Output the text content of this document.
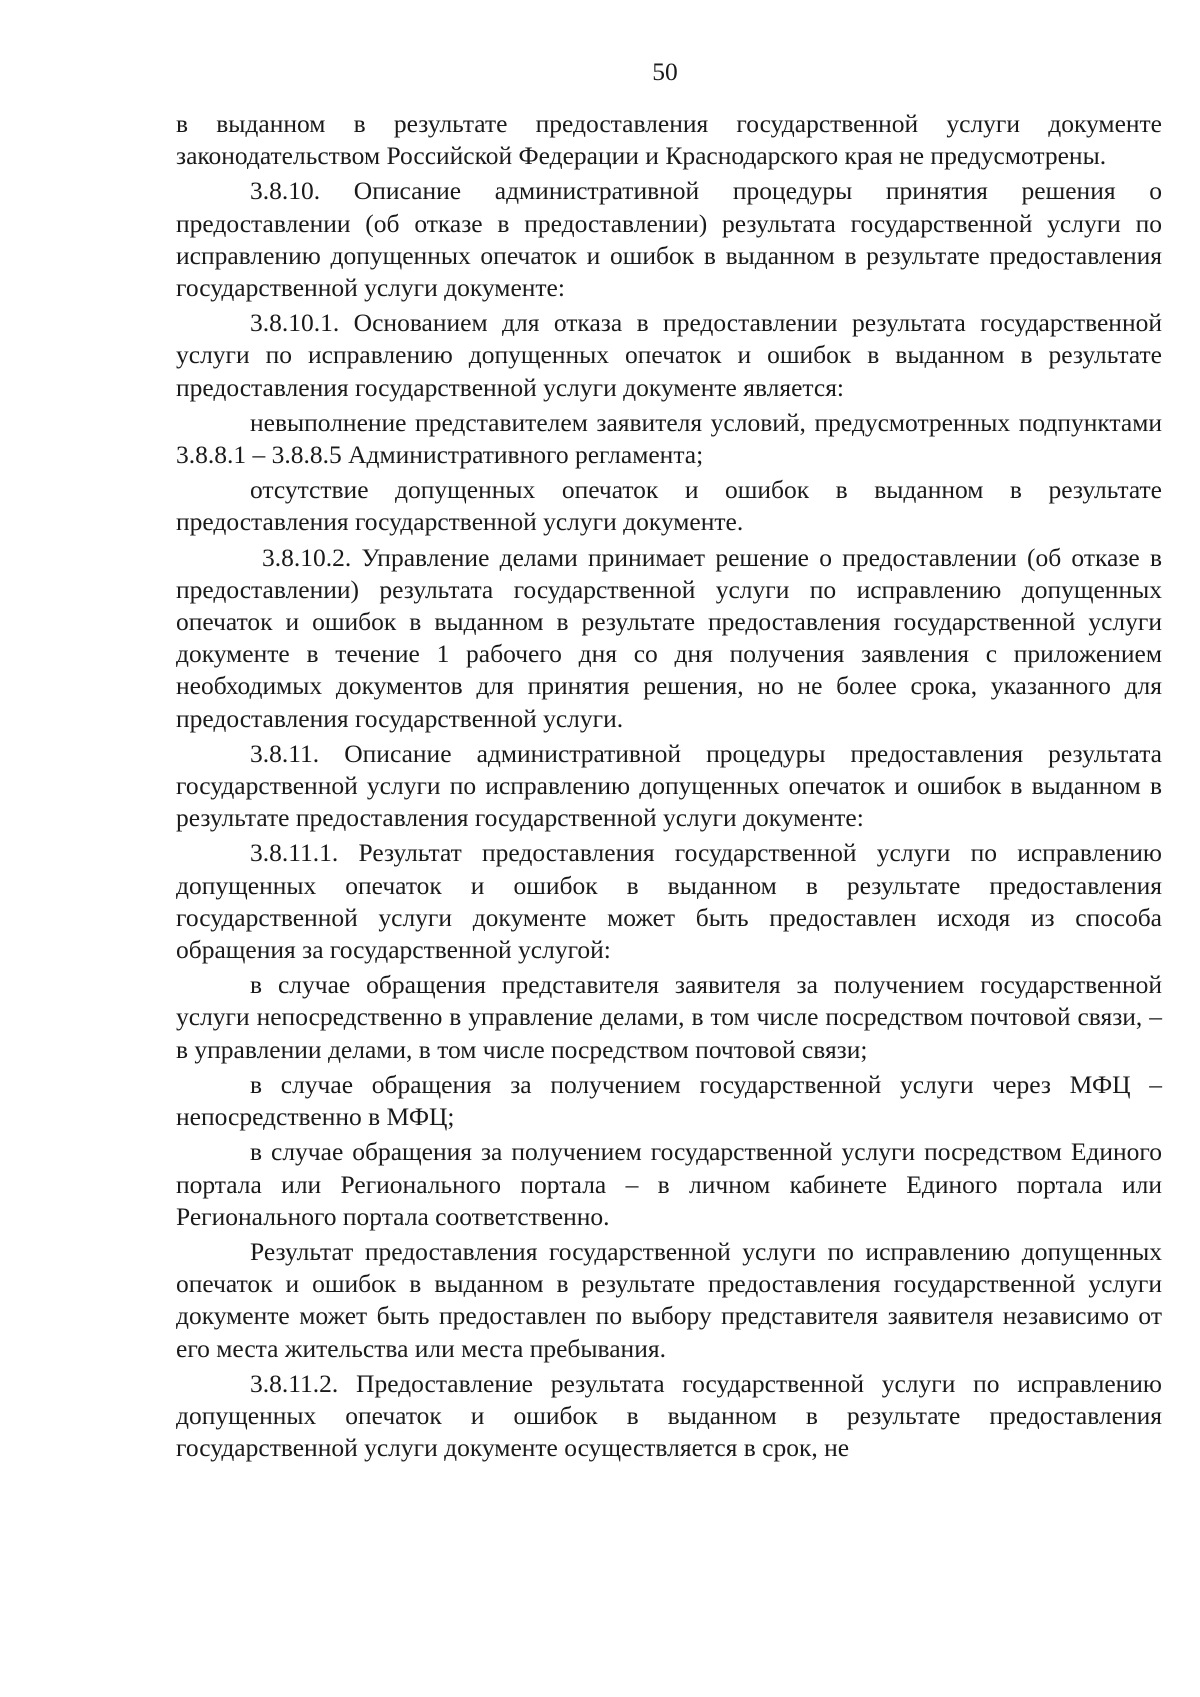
50

в выданном в результате предоставления государственной услуги документе законодательством Российской Федерации и Краснодарского края не предусмотрены.

3.8.10. Описание административной процедуры принятия решения о предоставлении (об отказе в предоставлении) результата государственной услуги по исправлению допущенных опечаток и ошибок в выданном в результате предоставления государственной услуги документе:

3.8.10.1. Основанием для отказа в предоставлении результата государственной услуги по исправлению допущенных опечаток и ошибок в выданном в результате предоставления государственной услуги документе является:

невыполнение представителем заявителя условий, предусмотренных подпунктами 3.8.8.1 – 3.8.8.5 Административного регламента;

отсутствие допущенных опечаток и ошибок в выданном в результате предоставления государственной услуги документе.

3.8.10.2. Управление делами принимает решение о предоставлении (об отказе в предоставлении) результата государственной услуги по исправлению допущенных опечаток и ошибок в выданном в результате предоставления государственной услуги документе в течение 1 рабочего дня со дня получения заявления с приложением необходимых документов для принятия решения, но не более срока, указанного для предоставления государственной услуги.

3.8.11. Описание административной процедуры предоставления результата государственной услуги по исправлению допущенных опечаток и ошибок в выданном в результате предоставления государственной услуги документе:

3.8.11.1. Результат предоставления государственной услуги по исправлению допущенных опечаток и ошибок в выданном в результате предоставления государственной услуги документе может быть предоставлен исходя из способа обращения за государственной услугой:

в случае обращения представителя заявителя за получением государственной услуги непосредственно в управление делами, в том числе посредством почтовой связи, – в управлении делами, в том числе посредством почтовой связи;

в случае обращения за получением государственной услуги через МФЦ – непосредственно в МФЦ;

в случае обращения за получением государственной услуги посредством Единого портала или Регионального портала – в личном кабинете Единого портала или Регионального портала соответственно.

Результат предоставления государственной услуги по исправлению допущенных опечаток и ошибок в выданном в результате предоставления государственной услуги документе может быть предоставлен по выбору представителя заявителя независимо от его места жительства или места пребывания.

3.8.11.2. Предоставление результата государственной услуги по исправлению допущенных опечаток и ошибок в выданном в результате предоставления государственной услуги документе осуществляется в срок, не
